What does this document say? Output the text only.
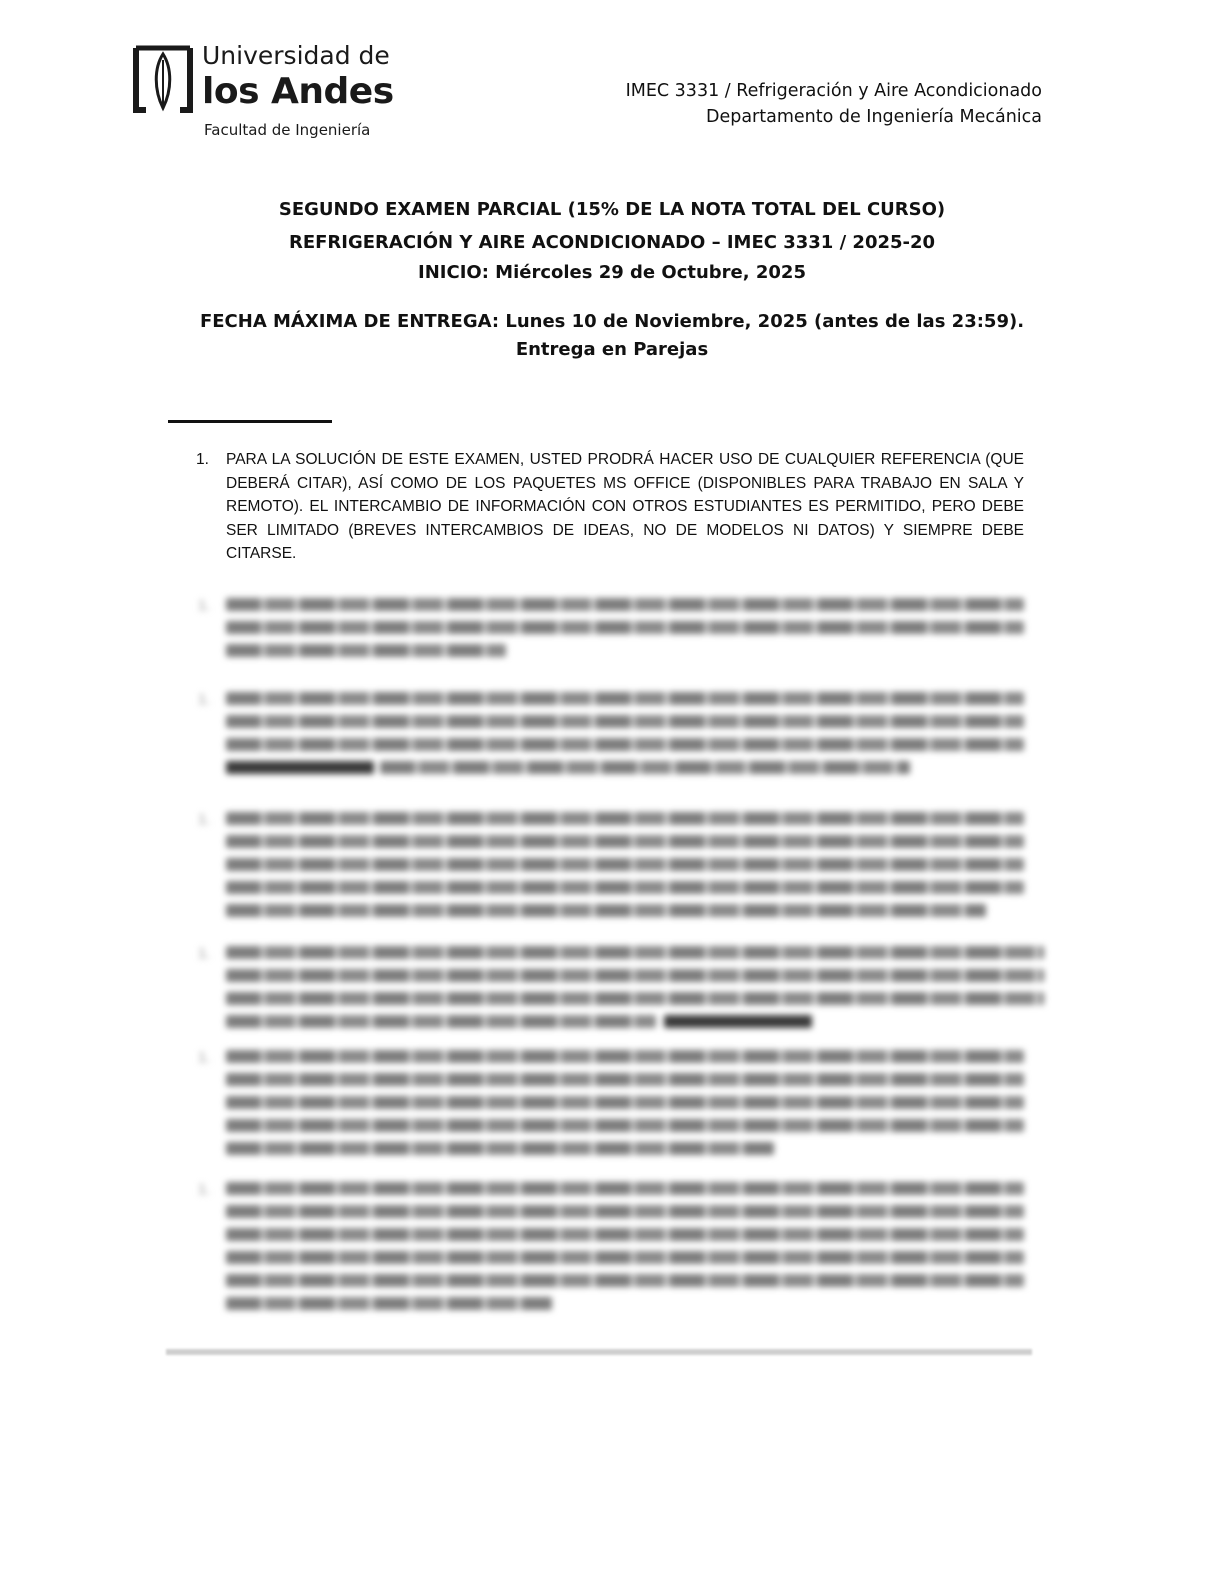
Universidad de
los Andes
Facultad de Ingeniería
IMEC 3331 / Refrigeración y Aire Acondicionado
Departamento de Ingeniería Mecánica
SEGUNDO EXAMEN PARCIAL (15% DE LA NOTA TOTAL DEL CURSO)
REFRIGERACIÓN Y AIRE ACONDICIONADO – IMEC 3331 / 2025-20
INICIO: Miércoles 29 de Octubre, 2025
FECHA MÁXIMA DE ENTREGA: Lunes 10 de Noviembre, 2025 (antes de las 23:59).
Entrega en Parejas
1. PARA LA SOLUCIÓN DE ESTE EXAMEN, USTED PRODRÁ HACER USO DE CUALQUIER REFERENCIA (QUE DEBERÁ CITAR), ASÍ COMO DE LOS PAQUETES MS OFFICE (DISPONIBLES PARA TRABAJO EN SALA Y REMOTO). EL INTERCAMBIO DE INFORMACIÓN CON OTROS ESTUDIANTES ES PERMITIDO, PERO DEBE SER LIMITADO (BREVES INTERCAMBIOS DE IDEAS, NO DE MODELOS NI DATOS) Y SIEMPRE DEBE CITARSE.
1.
1.
1.
1.
1.
1.
